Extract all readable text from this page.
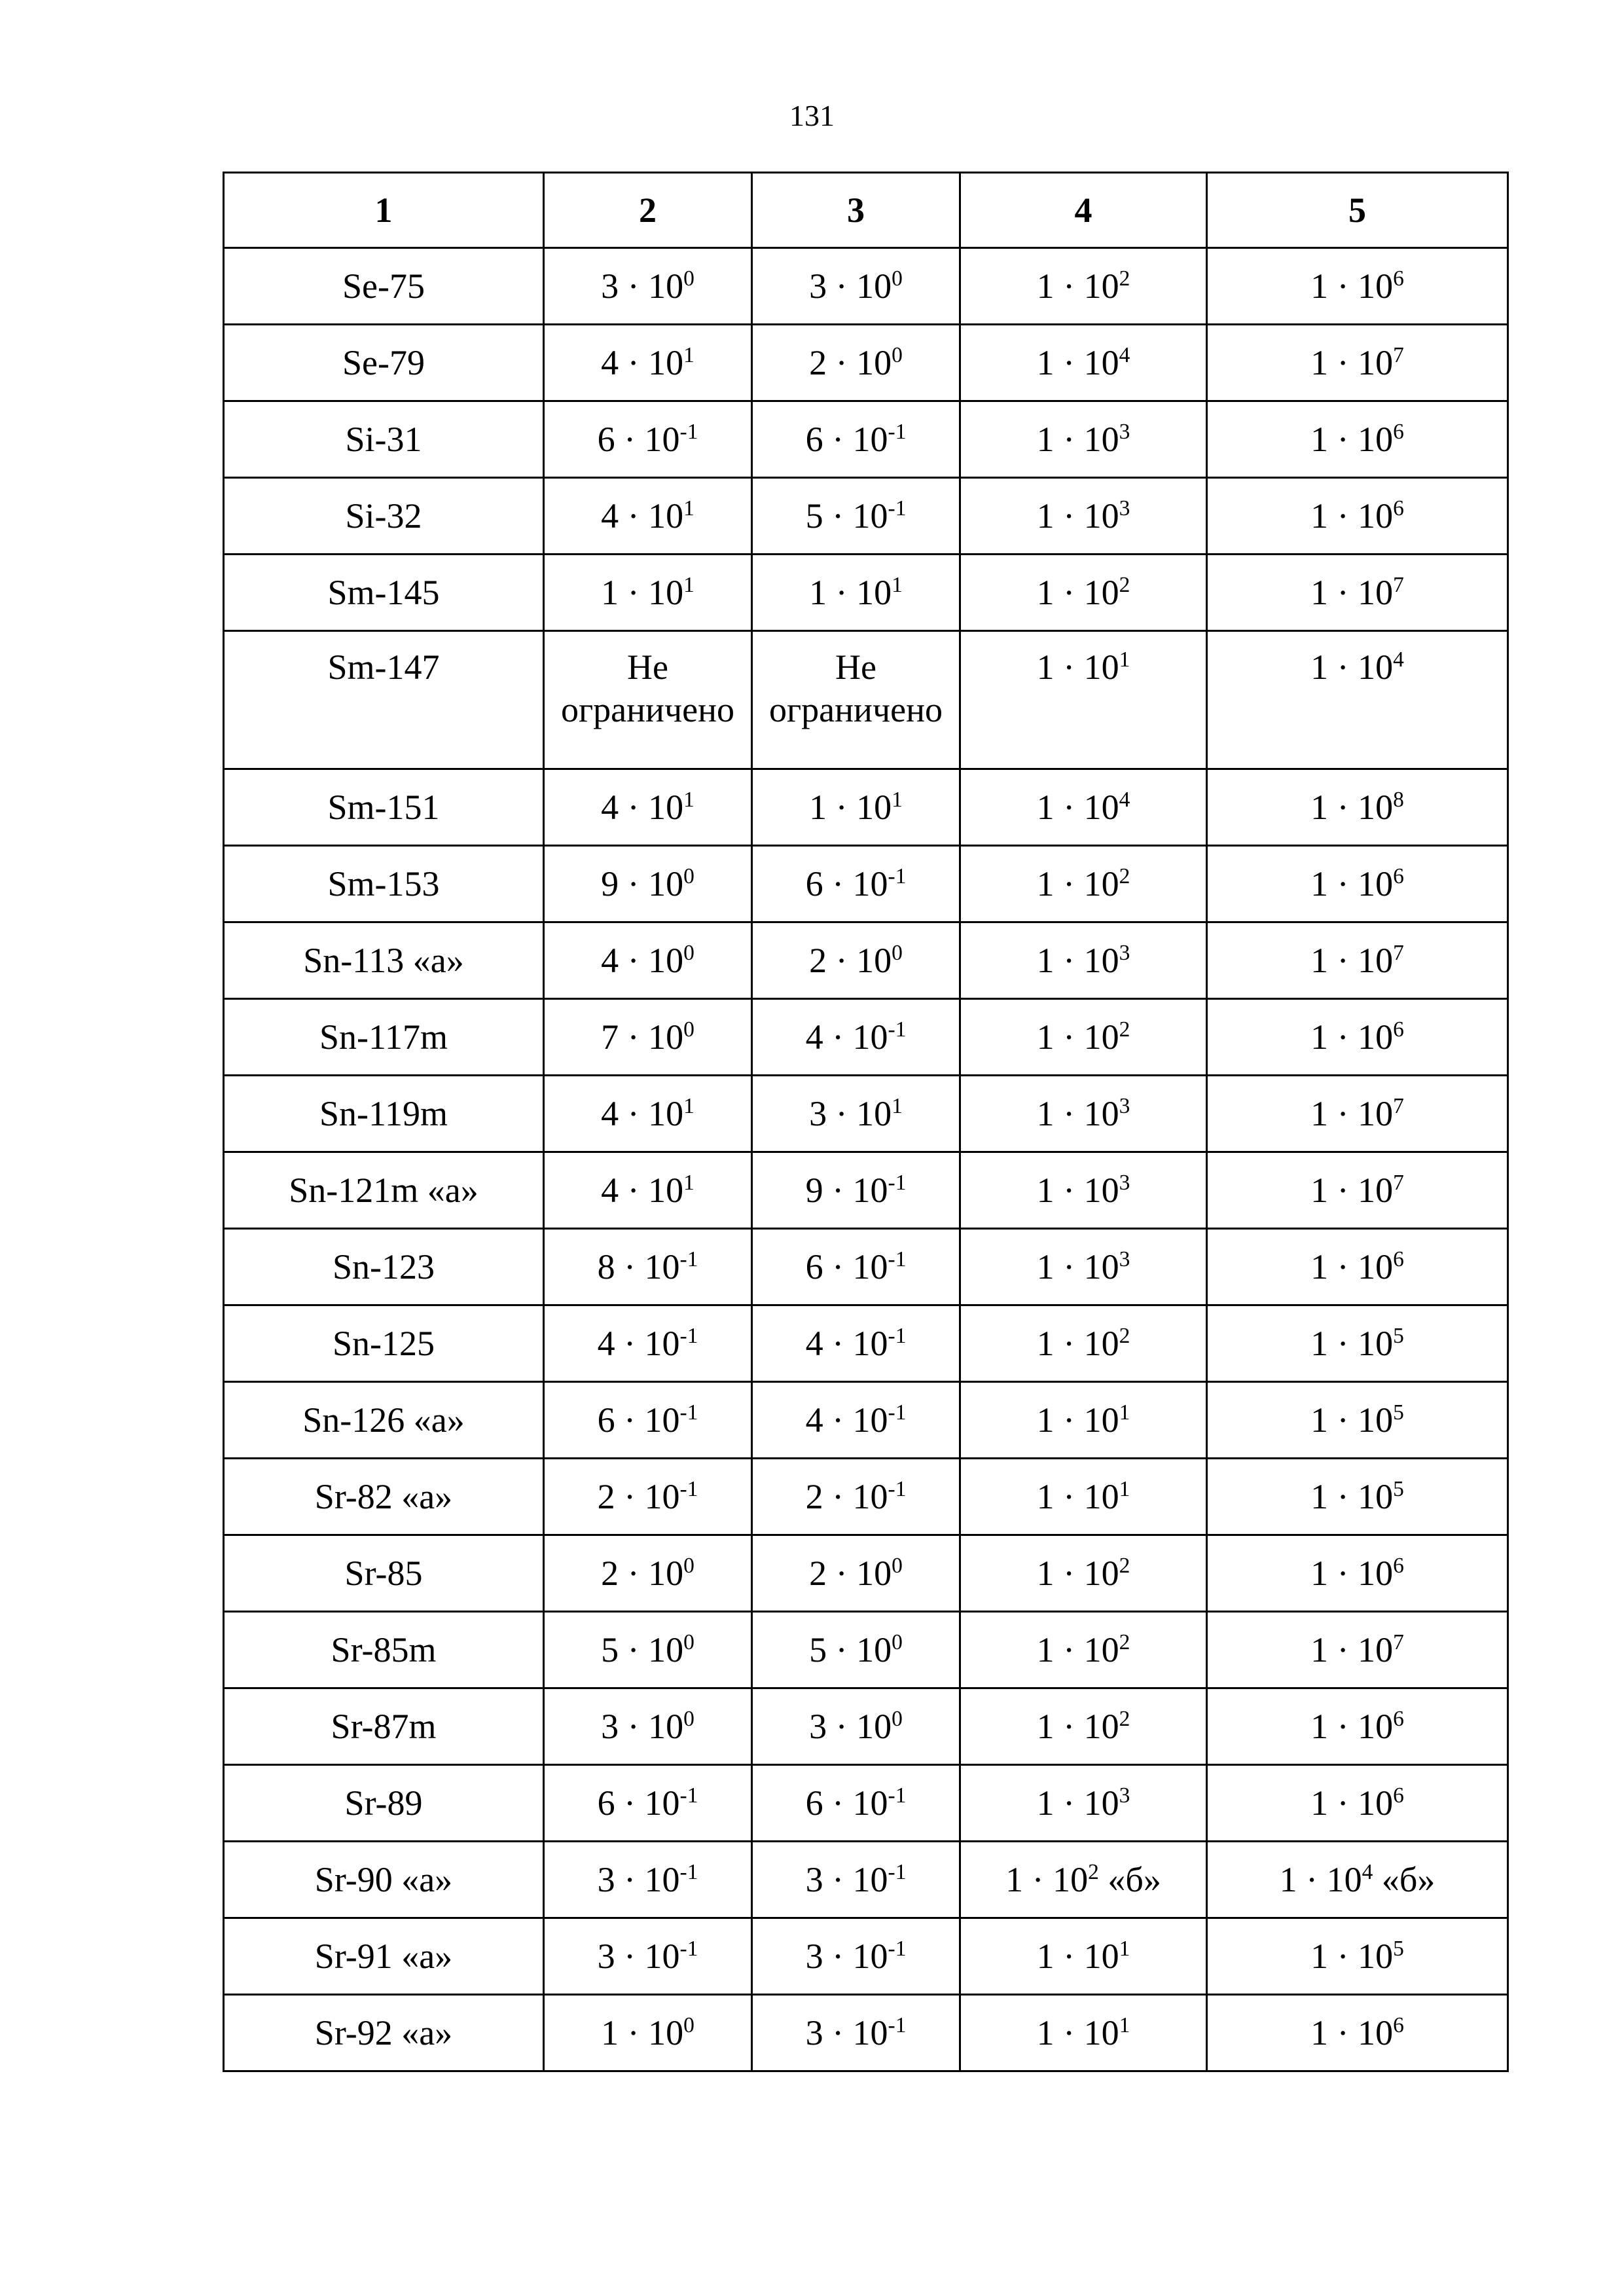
131
1	2	3	4	5
Se-75	$3 \cdot 10^0$	$3 \cdot 10^0$	$1 \cdot 10^2$	$1 \cdot 10^6$
Se-79	$4 \cdot 10^1$	$2 \cdot 10^0$	$1 \cdot 10^4$	$1 \cdot 10^7$
Si-31	$6 \cdot 10^{-1}$	$6 \cdot 10^{-1}$	$1 \cdot 10^3$	$1 \cdot 10^6$
Si-32	$4 \cdot 10^1$	$5 \cdot 10^{-1}$	$1 \cdot 10^3$	$1 \cdot 10^6$
Sm-145	$1 \cdot 10^1$	$1 \cdot 10^1$	$1 \cdot 10^2$	$1 \cdot 10^7$
Sm-147	Не ограничено	Не ограничено	$1 \cdot 10^1$	$1 \cdot 10^4$
Sm-151	$4 \cdot 10^1$	$1 \cdot 10^1$	$1 \cdot 10^4$	$1 \cdot 10^8$
Sm-153	$9 \cdot 10^0$	$6 \cdot 10^{-1}$	$1 \cdot 10^2$	$1 \cdot 10^6$
Sn-113 «a»	$4 \cdot 10^0$	$2 \cdot 10^0$	$1 \cdot 10^3$	$1 \cdot 10^7$
Sn-117m	$7 \cdot 10^0$	$4 \cdot 10^{-1}$	$1 \cdot 10^2$	$1 \cdot 10^6$
Sn-119m	$4 \cdot 10^1$	$3 \cdot 10^1$	$1 \cdot 10^3$	$1 \cdot 10^7$
Sn-121m «a»	$4 \cdot 10^1$	$9 \cdot 10^{-1}$	$1 \cdot 10^3$	$1 \cdot 10^7$
Sn-123	$8 \cdot 10^{-1}$	$6 \cdot 10^{-1}$	$1 \cdot 10^3$	$1 \cdot 10^6$
Sn-125	$4 \cdot 10^{-1}$	$4 \cdot 10^{-1}$	$1 \cdot 10^2$	$1 \cdot 10^5$
Sn-126 «a»	$6 \cdot 10^{-1}$	$4 \cdot 10^{-1}$	$1 \cdot 10^1$	$1 \cdot 10^5$
Sr-82 «a»	$2 \cdot 10^{-1}$	$2 \cdot 10^{-1}$	$1 \cdot 10^1$	$1 \cdot 10^5$
Sr-85	$2 \cdot 10^0$	$2 \cdot 10^0$	$1 \cdot 10^2$	$1 \cdot 10^6$
Sr-85m	$5 \cdot 10^0$	$5 \cdot 10^0$	$1 \cdot 10^2$	$1 \cdot 10^7$
Sr-87m	$3 \cdot 10^0$	$3 \cdot 10^0$	$1 \cdot 10^2$	$1 \cdot 10^6$
Sr-89	$6 \cdot 10^{-1}$	$6 \cdot 10^{-1}$	$1 \cdot 10^3$	$1 \cdot 10^6$
Sr-90 «a»	$3 \cdot 10^{-1}$	$3 \cdot 10^{-1}$	$1 \cdot 10^2$ «б»	$1 \cdot 10^4$ «б»
Sr-91 «a»	$3 \cdot 10^{-1}$	$3 \cdot 10^{-1}$	$1 \cdot 10^1$	$1 \cdot 10^5$
Sr-92 «a»	$1 \cdot 10^0$	$3 \cdot 10^{-1}$	$1 \cdot 10^1$	$1 \cdot 10^6$
